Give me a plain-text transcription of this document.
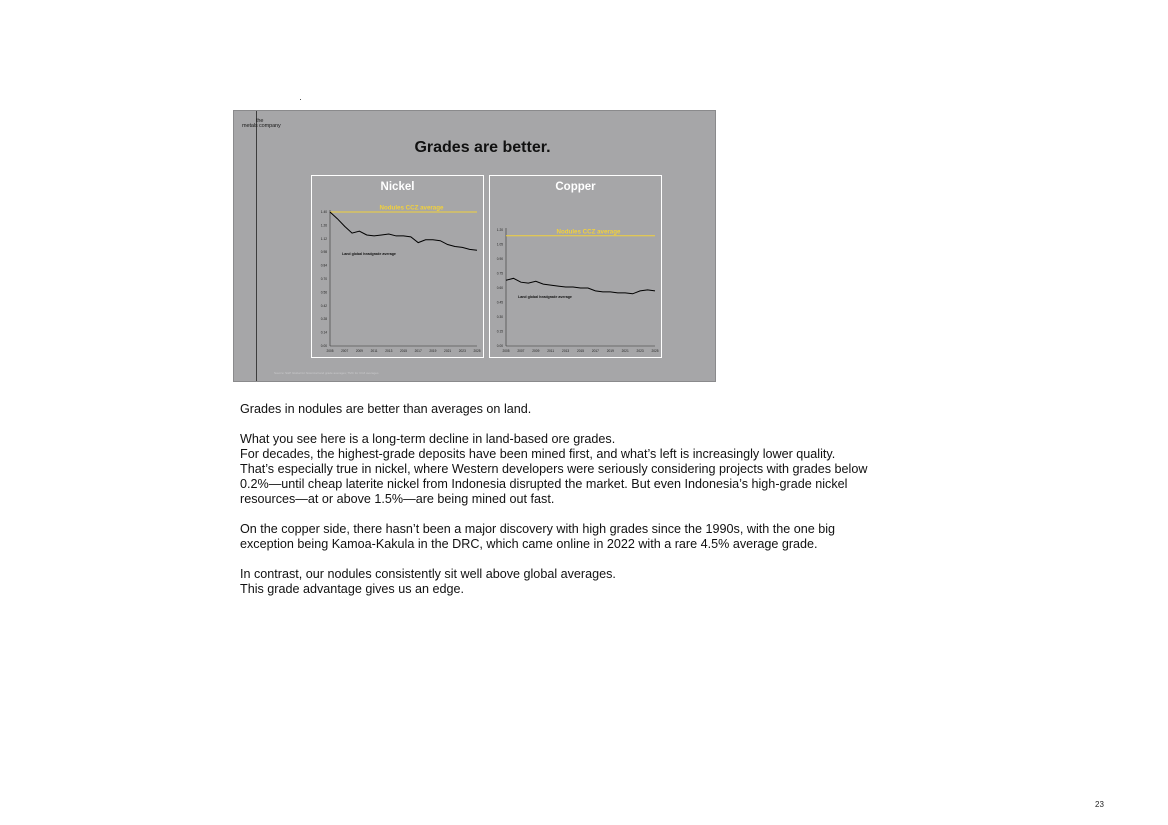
the
metals company
Grades are better.
Nickel
0.00
0.14
0.28
0.42
0.56
0.70
0.84
0.98
1.12
1.26
1.40
2005 2007 2009 2011 2013 2015 2017 2019 2021 2023 2025
Nodules CCZ average
Land global headgrade average
Copper
0.00
0.15
0.30
0.45
0.60
0.75
0.90
1.05
1.20
2005 2007 2009 2011 2013 2015 2017 2019 2021 2023 2025
Nodules CCZ average
Land global headgrade average
Source: S&P Global for historical land grade averages; TMC for CCZ averages

Grades in nodules are better than averages on land.

What you see here is a long-term decline in land-based ore grades.
For decades, the highest-grade deposits have been mined first, and what’s left is increasingly lower quality.
That’s especially true in nickel, where Western developers were seriously considering projects with grades below
0.2%—until cheap laterite nickel from Indonesia disrupted the market. But even Indonesia’s high-grade nickel
resources—at or above 1.5%—are being mined out fast.

On the copper side, there hasn’t been a major discovery with high grades since the 1990s, with the one big
exception being Kamoa-Kakula in the DRC, which came online in 2022 with a rare 4.5% average grade.

In contrast, our nodules consistently sit well above global averages.
This grade advantage gives us an edge.

23
